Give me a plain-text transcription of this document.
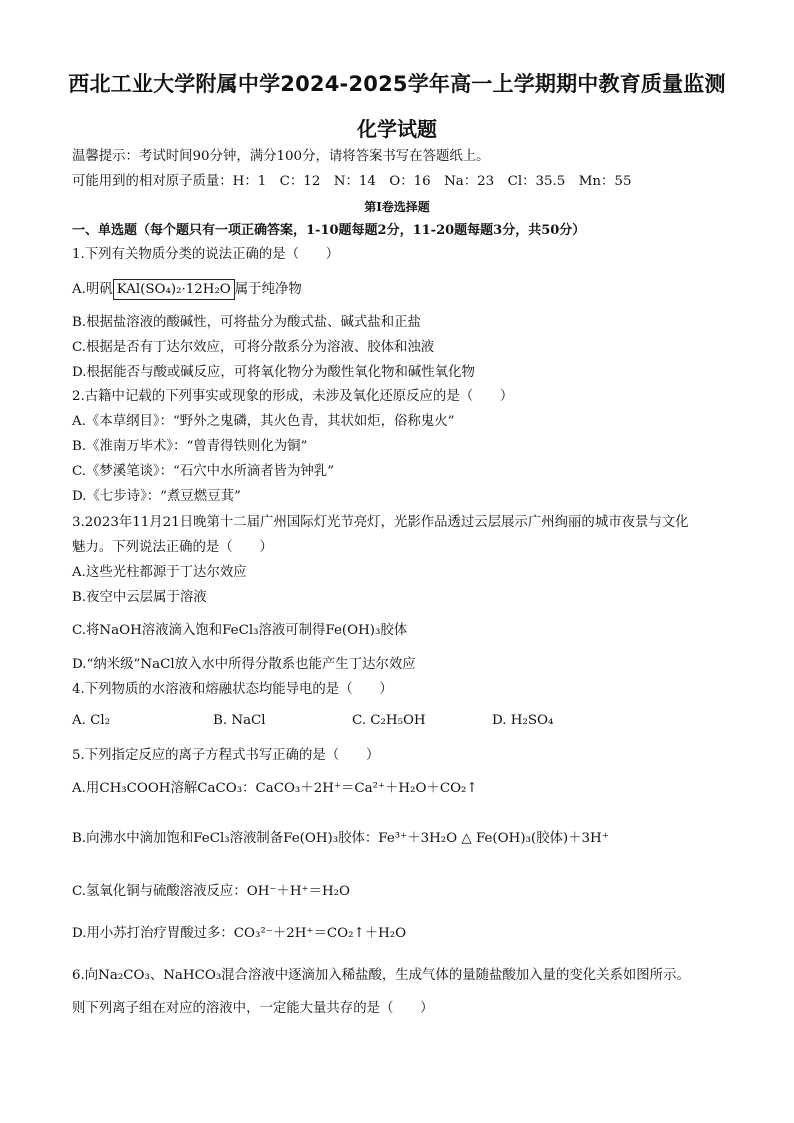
西北工业大学附属中学2024-2025学年高一上学期期中教育质量监测
化学试题
温馨提示：考试时间90分钟，满分100分，请将答案书写在答题纸上。
可能用到的相对原子质量：H：1　C：12　N：14　O：16　Na：23　Cl：35.5　Mn：55
第Ⅰ卷选择题
一、单选题（每个题只有一项正确答案，1-10题每题2分，11-20题每题3分，共50分）
1.下列有关物质分类的说法正确的是（　　）
A.明矾 KAl(SO₄)₂·12H₂O 属于纯净物
B.根据盐溶液的酸碱性，可将盐分为酸式盐、碱式盐和正盐
C.根据是否有丁达尔效应，可将分散系分为溶液、胶体和浊液
D.根据能否与酸或碱反应，可将氧化物分为酸性氧化物和碱性氧化物
2.古籍中记载的下列事实或现象的形成，未涉及氧化还原反应的是（　　）
A.《本草纲目》：“野外之鬼磷，其火色青，其状如炬，俗称鬼火”
B.《淮南万毕术》：“曾青得铁则化为铜”
C.《梦溪笔谈》：“石穴中水所滴者皆为钟乳”
D.《七步诗》：“煮豆燃豆萁”
3.2023年11月21日晚第十二届广州国际灯光节亮灯，光影作品透过云层展示广州绚丽的城市夜景与文化
魅力。下列说法正确的是（　　）
A.这些光柱都源于丁达尔效应
B.夜空中云层属于溶液
C.将NaOH溶液滴入饱和FeCl₃溶液可制得Fe(OH)₃胶体
D.“纳米级”NaCl放入水中所得分散系也能产生丁达尔效应
4.下列物质的水溶液和熔融状态均能导电的是（　　）
A. Cl₂	B. NaCl	C. C₂H₅OH	D. H₂SO₄
5.下列指定反应的离子方程式书写正确的是（　　）
A.用CH₃COOH溶解CaCO₃：CaCO₃＋2H⁺＝Ca²⁺＋H₂O＋CO₂↑
B.向沸水中滴加饱和FeCl₃溶液制备Fe(OH)₃胶体：Fe³⁺＋3H₂O △ Fe(OH)₃(胶体)＋3H⁺
C.氢氧化铜与硫酸溶液反应：OH⁻＋H⁺＝H₂O
D.用小苏打治疗胃酸过多：CO₃²⁻＋2H⁺＝CO₂↑＋H₂O
6.向Na₂CO₃、NaHCO₃混合溶液中逐滴加入稀盐酸，生成气体的量随盐酸加入量的变化关系如图所示。
则下列离子组在对应的溶液中，一定能大量共存的是（　　）
